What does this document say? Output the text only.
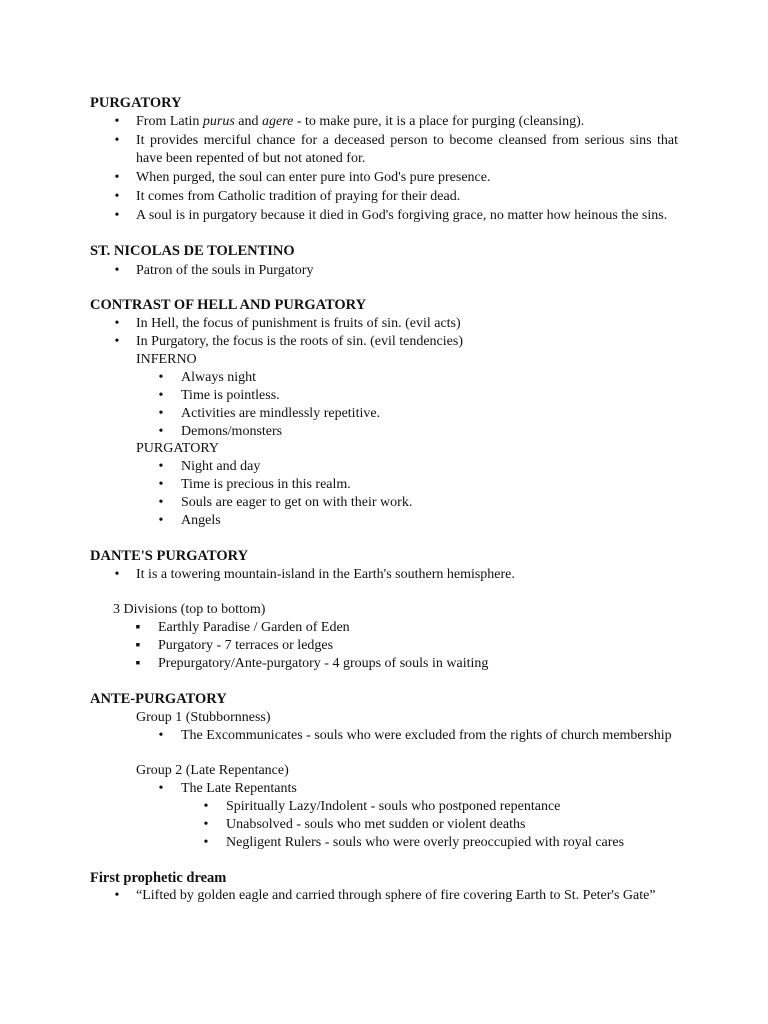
PURGATORY
•	From Latin purus and agere - to make pure, it is a place for purging (cleansing).
•	It provides merciful chance for a deceased person to become cleansed from serious sins that have been repented of but not atoned for.
•	When purged, the soul can enter pure into God's pure presence.
•	It comes from Catholic tradition of praying for their dead.
•	A soul is in purgatory because it died in God's forgiving grace, no matter how heinous the sins.
ST. NICOLAS DE TOLENTINO
•	Patron of the souls in Purgatory
CONTRAST OF HELL AND PURGATORY
•	In Hell, the focus of punishment is fruits of sin. (evil acts)
•	In Purgatory, the focus is the roots of sin. (evil tendencies)
INFERNO
•	Always night
•	Time is pointless.
•	Activities are mindlessly repetitive.
•	Demons/monsters
PURGATORY
•	Night and day
•	Time is precious in this realm.
•	Souls are eager to get on with their work.
•	Angels
DANTE'S PURGATORY
•	It is a towering mountain-island in the Earth's southern hemisphere.
3 Divisions (top to bottom)
▪	Earthly Paradise / Garden of Eden
▪	Purgatory - 7 terraces or ledges
▪	Prepurgatory/Ante-purgatory - 4 groups of souls in waiting
ANTE-PURGATORY
Group 1 (Stubbornness)
•	The Excommunicates - souls who were excluded from the rights of church membership
Group 2 (Late Repentance)
•	The Late Repentants
•	Spiritually Lazy/Indolent - souls who postponed repentance
•	Unabsolved - souls who met sudden or violent deaths
•	Negligent Rulers - souls who were overly preoccupied with royal cares
First prophetic dream
•	“Lifted by golden eagle and carried through sphere of fire covering Earth to St. Peter's Gate”
